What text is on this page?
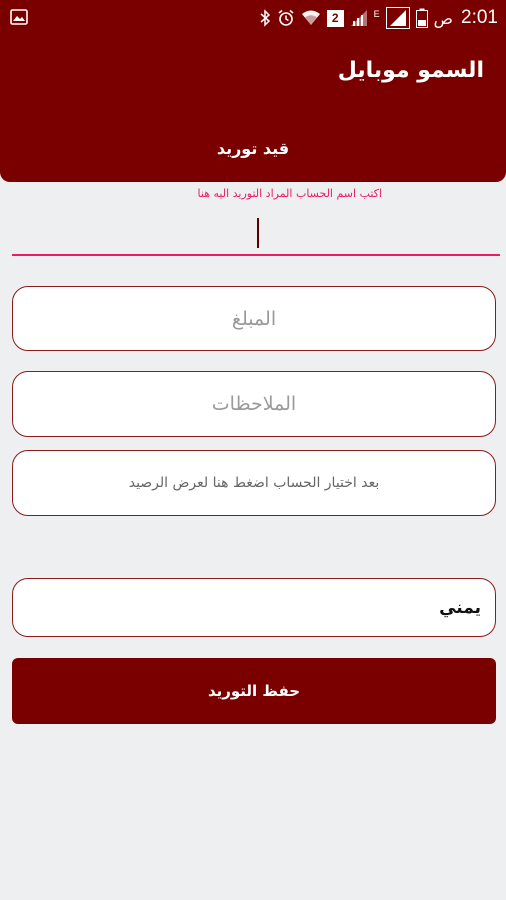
2	E	ص 2:01
السمو موبايل
قيد توريد
اكتب اسم الحساب المراد التوريد اليه هنا
المبلغ
الملاحظات
بعد اختيار الحساب اضغط هنا لعرض الرصيد
يمني
حفظ التوريد
